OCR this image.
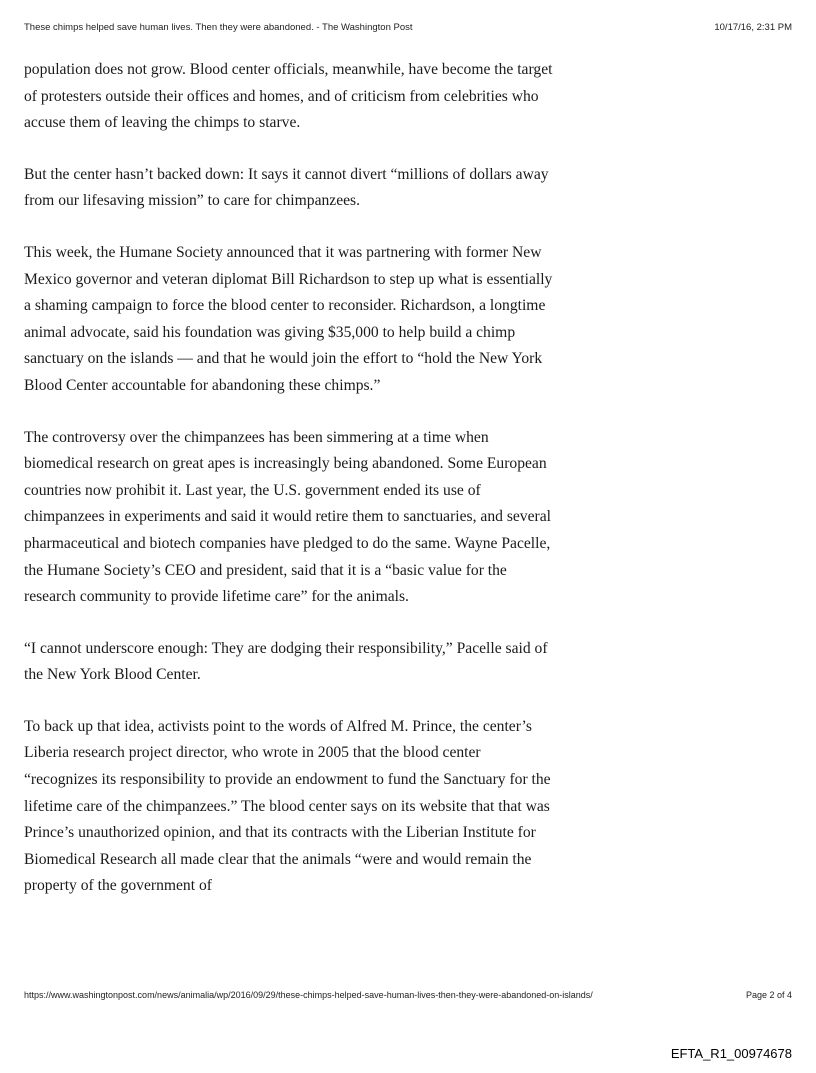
These chimps helped save human lives. Then they were abandoned. - The Washington Post	10/17/16, 2:31 PM

population does not grow. Blood center officials, meanwhile, have become the target of protesters outside their offices and homes, and of criticism from celebrities who accuse them of leaving the chimps to starve.

But the center hasn’t backed down: It says it cannot divert “millions of dollars away from our lifesaving mission” to care for chimpanzees.

This week, the Humane Society announced that it was partnering with former New Mexico governor and veteran diplomat Bill Richardson to step up what is essentially a shaming campaign to force the blood center to reconsider. Richardson, a longtime animal advocate, said his foundation was giving $35,000 to help build a chimp sanctuary on the islands — and that he would join the effort to “hold the New York Blood Center accountable for abandoning these chimps.”

The controversy over the chimpanzees has been simmering at a time when biomedical research on great apes is increasingly being abandoned. Some European countries now prohibit it. Last year, the U.S. government ended its use of chimpanzees in experiments and said it would retire them to sanctuaries, and several pharmaceutical and biotech companies have pledged to do the same. Wayne Pacelle, the Humane Society’s CEO and president, said that it is a “basic value for the research community to provide lifetime care” for the animals.

“I cannot underscore enough: They are dodging their responsibility,” Pacelle said of the New York Blood Center.

To back up that idea, activists point to the words of Alfred M. Prince, the center’s Liberia research project director, who wrote in 2005 that the blood center “recognizes its responsibility to provide an endowment to fund the Sanctuary for the lifetime care of the chimpanzees.” The blood center says on its website that that was Prince’s unauthorized opinion, and that its contracts with the Liberian Institute for Biomedical Research all made clear that the animals “were and would remain the property of the government of

https://www.washingtonpost.com/news/animalia/wp/2016/09/29/these-chimps-helped-save-human-lives-then-they-were-abandoned-on-islands/	Page 2 of 4
EFTA_R1_00974678
